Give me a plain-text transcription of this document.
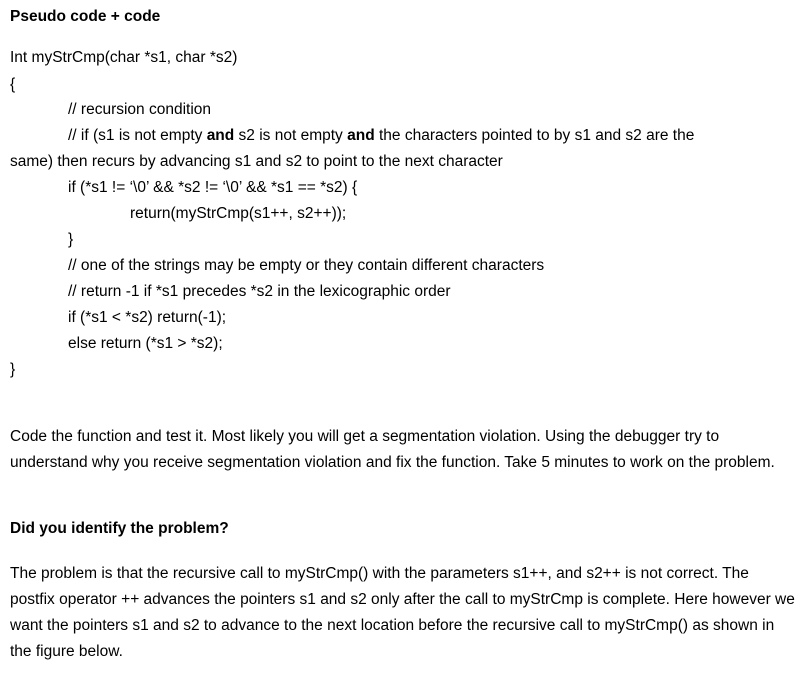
Pseudo code + code
Int myStrCmp(char *s1, char *s2)
{
// recursion condition
// if (s1 is not empty and s2 is not empty and the characters pointed to by s1 and s2 are the
same) then recurs by advancing s1 and s2 to point to the next character
if (*s1 != ‘\0’ && *s2 != ‘\0’ && *s1 == *s2) {
return(myStrCmp(s1++, s2++));
}
// one of the strings may be empty or they contain different characters
// return -1 if *s1 precedes *s2 in the lexicographic order
if (*s1 < *s2) return(-1);
else return (*s1 > *s2);
}
Code the function and test it. Most likely you will get a segmentation violation. Using the debugger try to understand why you receive segmentation violation and fix the function. Take 5 minutes to work on the problem.
Did you identify the problem?
The problem is that the recursive call to myStrCmp() with the parameters s1++, and s2++ is not correct. The postfix operator ++ advances the pointers s1 and s2 only after the call to myStrCmp is complete. Here however we want the pointers s1 and s2 to advance to the next location before the recursive call to myStrCmp() as shown in the figure below.
